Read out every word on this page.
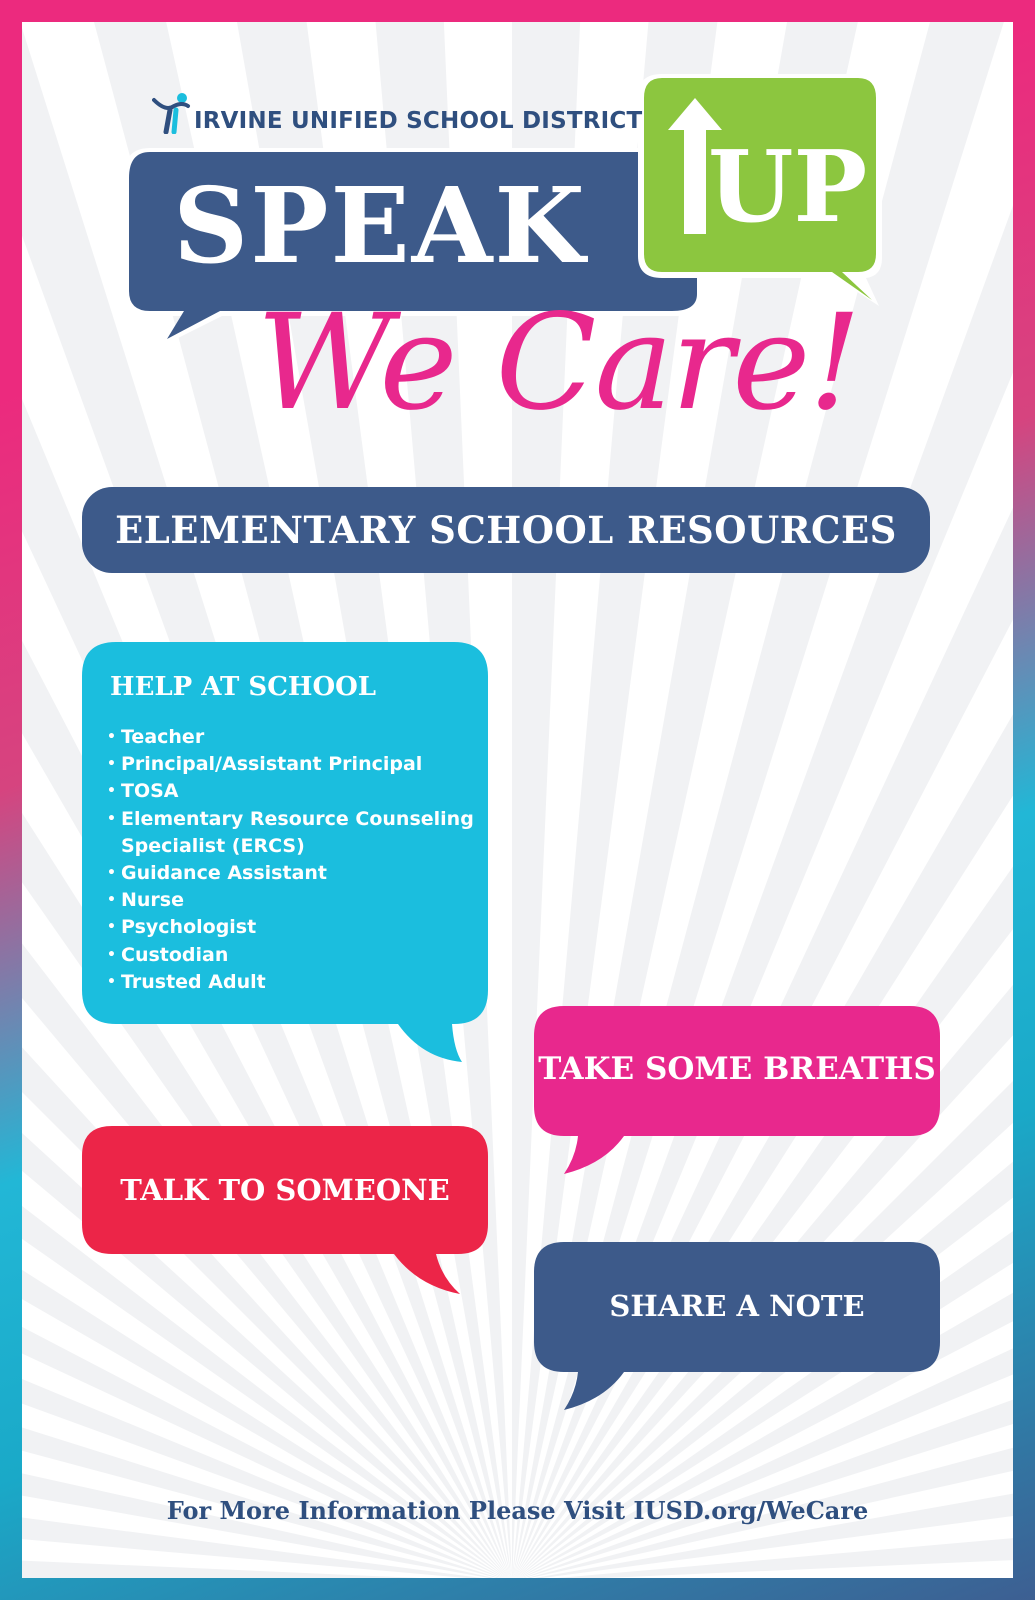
IRVINE UNIFIED SCHOOL DISTRICT
SPEAK	UP
We Care!
ELEMENTARY SCHOOL RESOURCES
HELP AT SCHOOL
• Teacher
• Principal/Assistant Principal
• TOSA
• Elementary Resource Counseling
Specialist (ERCS)
• Guidance Assistant
• Nurse
• Psychologist
• Custodian
• Trusted Adult
TAKE SOME BREATHS
TALK TO SOMEONE
SHARE A NOTE
For More Information Please Visit IUSD.org/WeCare
